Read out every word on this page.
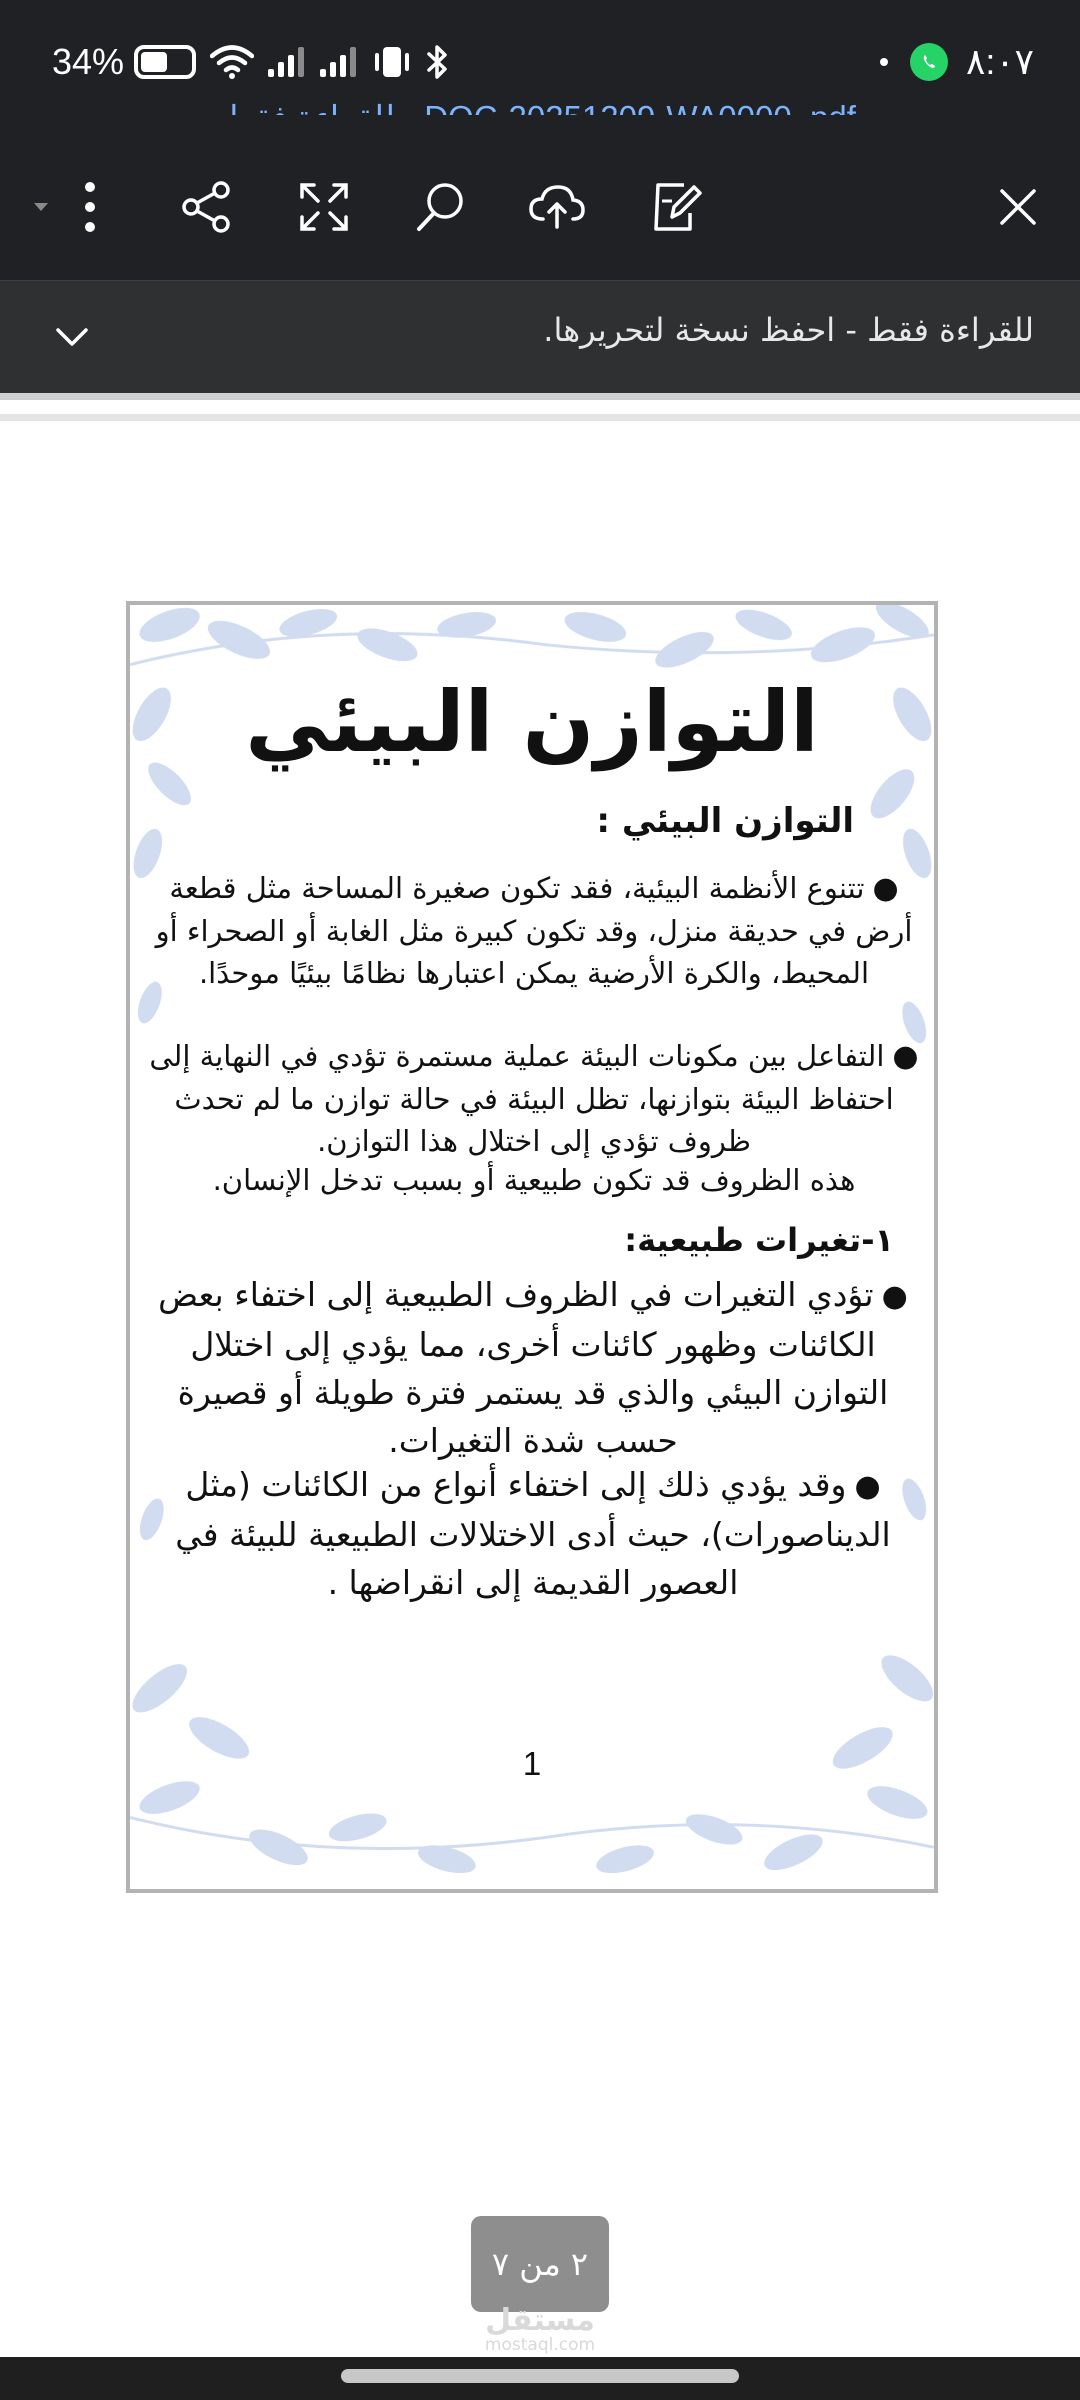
34%	٨:٠٧
للقراءة فقط - احفظ نسخة لتحريرها.
التوازن البيئي
التوازن البيئي :
●تتنوع الأنظمة البيئية، فقد تكون صغيرة المساحة مثل قطعة أرض في حديقة منزل، وقد تكون كبيرة مثل الغابة أو الصحراء أو المحيط، والكرة الأرضية يمكن اعتبارها نظامًا بيئيًا موحدًا.
●التفاعل بين مكونات البيئة عملية مستمرة تؤدي في النهاية إلى احتفاظ البيئة بتوازنها، تظل البيئة في حالة توازن ما لم تحدث ظروف تؤدي إلى اختلال هذا التوازن.
هذه الظروف قد تكون طبيعية أو بسبب تدخل الإنسان.
١-تغيرات طبيعية:
●تؤدي التغيرات في الظروف الطبيعية إلى اختفاء بعض الكائنات وظهور كائنات أخرى، مما يؤدي إلى اختلال التوازن البيئي والذي قد يستمر فترة طويلة أو قصيرة حسب شدة التغيرات.
●وقد يؤدي ذلك إلى اختفاء أنواع من الكائنات (مثل الديناصورات)، حيث أدى الاختلالات الطبيعية للبيئة في العصور القديمة إلى انقراضها .
1
٢ من ٧
مستقل
mostaql.com
